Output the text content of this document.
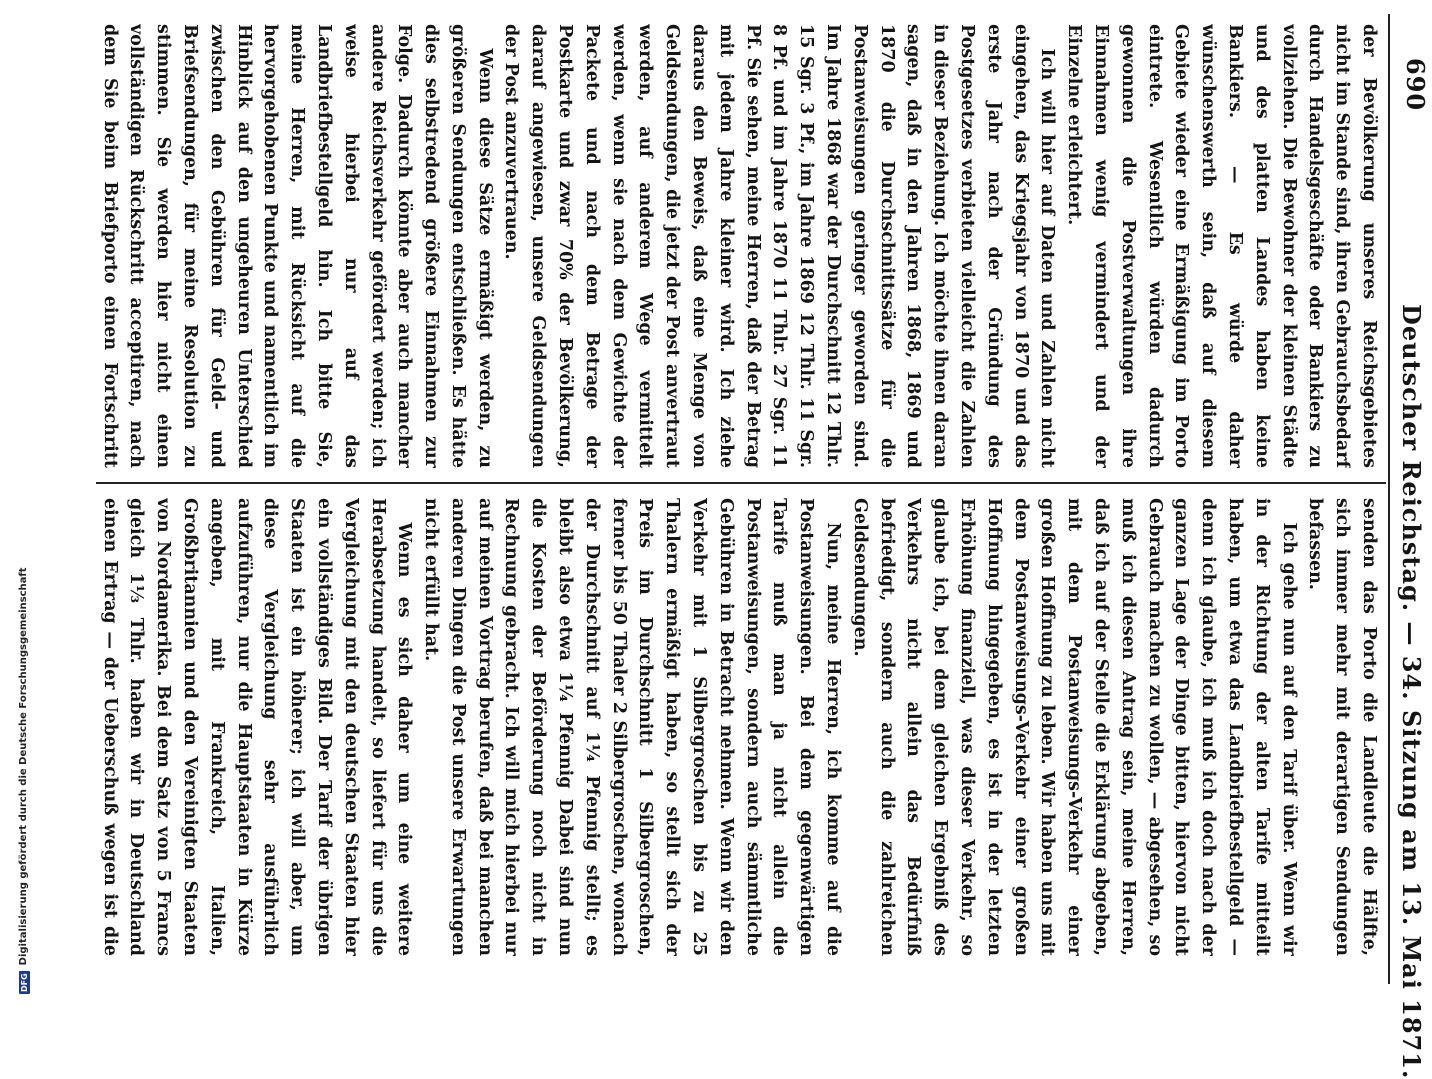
690
Deutscher Reichstag. — 34. Sitzung am 13. Mai 1871.

der Bevölkerung unseres Reichsgebietes nicht im Stande sind, ihren Gebrauchsbedarf durch Handelsgeschäfte oder Bankiers zu vollziehen. Die Bewohner der kleinen Städte und des platten Landes haben keine Bankiers. — Es würde daher wünschenswerth sein, daß auf diesem Gebiete wieder eine Ermäßigung im Porto eintrete. Wesentlich würden dadurch gewonnen die Postverwaltungen ihre Einnahmen wenig vermindert und der Einzelne erleichtert.

Ich will hier auf Daten und Zahlen nicht eingehen, das Kriegsjahr von 1870 und das erste Jahr nach der Gründung des Postgesetzes verbieten vielleicht die Zahlen in dieser Beziehung. Ich möchte ihnen daran sagen, daß in den Jahren 1868, 1869 und 1870 die Durchschnittssätze für die Postanweisungen geringer geworden sind. Im Jahre 1868 war der Durchschnitt 12 Thlr. 15 Sgr. 3 Pf., im Jahre 1869 12 Thlr. 11 Sgr. 8 Pf. und im Jahre 1870 11 Thlr. 27 Sgr. 11 Pf. Sie sehen, meine Herren, daß der Betrag mit jedem Jahre kleiner wird. Ich ziehe daraus den Beweis, daß eine Menge von Geldsendungen, die jetzt der Post anvertraut werden, auf anderem Wege vermittelt werden, wenn sie nach dem Gewichte der Packete und nach dem Betrage der Postkarte und zwar 70% der Bevölkerung, darauf angewiesen, unsere Geldsendungen der Post anzuvertrauen.

Wenn diese Sätze ermäßigt werden, zu größeren Sendungen entschließen. Es hätte dies selbstredend größere Einnahmen zur Folge. Dadurch könnte aber auch mancher andere Reichsverkehr gefördert werden; ich weise hierbei nur auf das Landbriefbestellgeld hin. Ich bitte Sie, meine Herren, mit Rücksicht auf die hervorgehobenen Punkte und namentlich im Hinblick auf den ungeheuren Unterschied zwischen den Gebühren für Geld- und Briefsendungen, für meine Resolution zu stimmen. Sie werden hier nicht einen vollständigen Rückschritt acceptiren, nach dem Sie beim Briefporto einen Fortschritt

senden das Porto die Landleute die Hälfte, sich immer mehr mit derartigen Sendungen befassen.

Ich gehe nun auf den Tarif über. Wenn wir in der Richtung der alten Tarife mitteilt haben, um etwa das Landbriefbestellgeld — denn ich glaube, ich muß ich doch nach der ganzen Lage der Dinge bitten, hiervon nicht Gebrauch machen zu wollen, — abgesehen, so muß ich diesen Antrag sein, meine Herren, daß ich auf der Stelle die Erklärung abgeben, mit dem Postanweisungs-Verkehr einer großen Hoffnung zu leben. Wir haben uns mit dem Postanweisungs-Verkehr einer großen Hoffnung hingegeben, es ist in der letzten Erhöhung finanziell, was dieser Verkehr, so glaube ich, bei dem gleichen Ergebniß des Verkehrs nicht allein das Bedürfniß befriedigt, sondern auch die zahlreichen Geldsendungen.

Nun, meine Herren, ich komme auf die Postanweisungen. Bei dem gegenwärtigen Tarife muß man ja nicht allein die Postanweisungen, sondern auch sämmtliche Gebühren in Betracht nehmen. Wenn wir den Verkehr mit 1 Silbergroschen bis zu 25 Thalern ermäßigt haben, so stellt sich der Preis im Durchschnitt 1 Silbergroschen, ferner bis 50 Thaler 2 Silbergroschen, wonach der Durchschnitt auf 1¼ Pfennig stellt; es bleibt also etwa 1¼ Pfennig Dabei sind nun die Kosten der Beförderung noch nicht in Rechnung gebracht. Ich will mich hierbei nur auf meinen Vortrag berufen, daß bei manchen anderen Dingen die Post unsere Erwartungen nicht erfüllt hat.

Wenn es sich daher um eine weitere Herabsetzung handelt, so liefert für uns die Vergleichung mit den deutschen Staaten hier ein vollständiges Bild. Der Tarif der übrigen Staaten ist ein höherer; ich will aber, um diese Vergleichung sehr ausführlich aufzuführen, nur die Hauptstaaten in Kürze angeben, mit Frankreich, Italien, Großbritannien und den Vereinigten Staaten von Nordamerika. Bei dem Satz von 5 Francs gleich 1⅓ Thlr. haben wir in Deutschland einen Ertrag — der Ueberschuß wegen ist die

DFG
Digitalisierung gefördert durch die Deutsche Forschungsgemeinschaft
